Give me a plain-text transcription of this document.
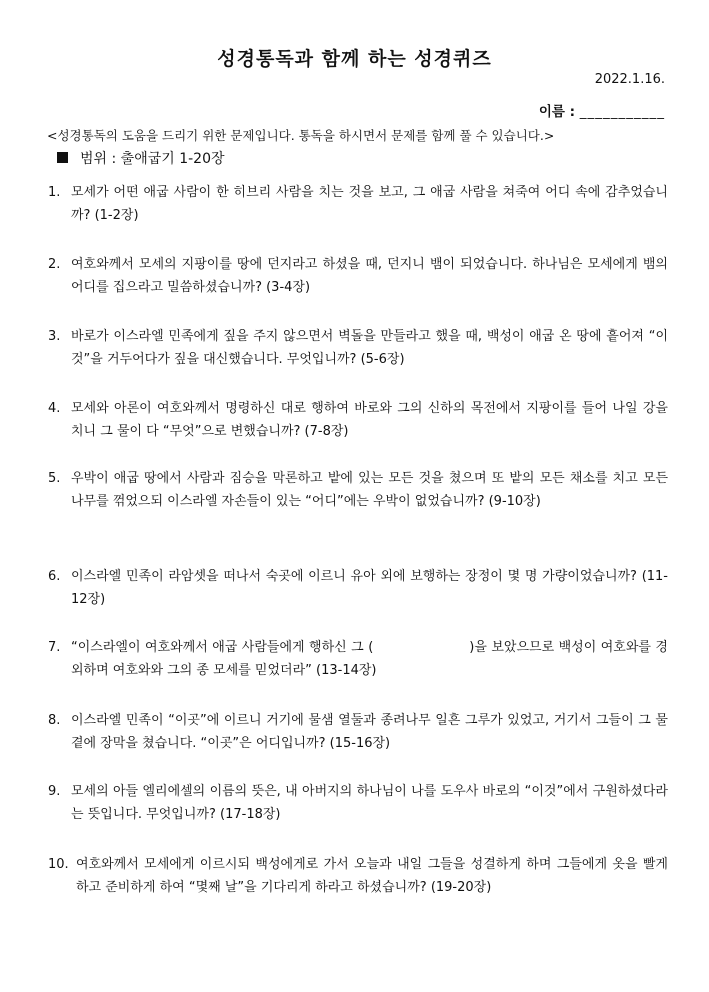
성경통독과 함께 하는 성경퀴즈
2022.1.16.
이름 : ___________
<성경통독의 도움을 드리기 위한 문제입니다. 통독을 하시면서 문제를 함께 풀 수 있습니다.>
범위 : 출애굽기 1-20장
1. 모세가 어떤 애굽 사람이 한 히브리 사람을 치는 것을 보고, 그 애굽 사람을 쳐죽여 어디 속에 감추었습니까? (1-2장)
2. 여호와께서 모세의 지팡이를 땅에 던지라고 하셨을 때, 던지니 뱀이 되었습니다. 하나님은 모세에게 뱀의 어디를 집으라고 밀씀하셨습니까? (3-4장)
3. 바로가 이스라엘 민족에게 짚을 주지 않으면서 벽돌을 만들라고 했을 때, 백성이 애굽 온 땅에 흩어져 “이것”을 거두어다가 짚을 대신했습니다. 무엇입니까? (5-6장)
4. 모세와 아론이 여호와께서 명령하신 대로 행하여 바로와 그의 신하의 목전에서 지팡이를 들어 나일 강을 치니 그 물이 다 “무엇”으로 변했습니까? (7-8장)
5. 우박이 애굽 땅에서 사람과 짐승을 막론하고 밭에 있는 모든 것을 쳤으며 또 밭의 모든 채소를 치고 모든 나무를 꺾었으되 이스라엘 자손들이 있는 “어디”에는 우박이 없었습니까? (9-10장)
6. 이스라엘 민족이 라암셋을 떠나서 숙곳에 이르니 유아 외에 보행하는 장정이 몇 명 가량이었습니까? (11-12장)
7. “이스라엘이 여호와께서 애굽 사람들에게 행하신 그 (	)을 보았으므로 백성이 여호와를 경외하며 여호와와 그의 종 모세를 믿었더라” (13-14장)
8. 이스라엘 민족이 “이곳”에 이르니 거기에 물샘 열둘과 종려나무 일흔 그루가 있었고, 거기서 그들이 그 물 곁에 장막을 쳤습니다. “이곳”은 어디입니까? (15-16장)
9. 모세의 아들 엘리에셀의 이름의 뜻은, 내 아버지의 하나님이 나를 도우사 바로의 “이것”에서 구원하셨다라는 뜻입니다. 무엇입니까? (17-18장)
10. 여호와께서 모세에게 이르시되 백성에게로 가서 오늘과 내일 그들을 성결하게 하며 그들에게 옷을 빨게 하고 준비하게 하여 “몇째 날”을 기다리게 하라고 하셨습니까? (19-20장)
